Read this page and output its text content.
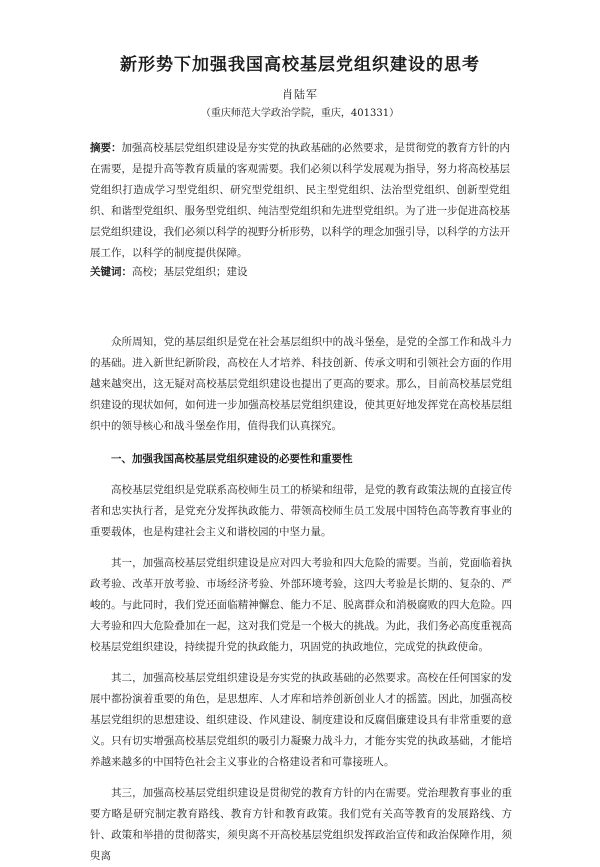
新形势下加强我国高校基层党组织建设的思考
肖陆军
（重庆师范大学政治学院，重庆，401331）
摘要：加强高校基层党组织建设是夯实党的执政基础的必然要求，是贯彻党的教育方针的内在需要，是提升高等教育质量的客观需要。我们必须以科学发展观为指导，努力将高校基层党组织打造成学习型党组织、研究型党组织、民主型党组织、法治型党组织、创新型党组织、和谐型党组织、服务型党组织、纯洁型党组织和先进型党组织。为了进一步促进高校基层党组织建设，我们必须以科学的视野分析形势，以科学的理念加强引导，以科学的方法开展工作，以科学的制度提供保障。
关键词：高校；基层党组织；建设

众所周知，党的基层组织是党在社会基层组织中的战斗堡垒，是党的全部工作和战斗力的基础。进入新世纪新阶段，高校在人才培养、科技创新、传承文明和引领社会方面的作用越来越突出，这无疑对高校基层党组织建设也提出了更高的要求。那么，目前高校基层党组织建设的现状如何，如何进一步加强高校基层党组织建设，使其更好地发挥党在高校基层组织中的领导核心和战斗堡垒作用，值得我们认真探究。

一、加强我国高校基层党组织建设的必要性和重要性

高校基层党组织是党联系高校师生员工的桥梁和纽带，是党的教育政策法规的直接宣传者和忠实执行者，是党充分发挥执政能力、带领高校师生员工发展中国特色高等教育事业的重要载体，也是构建社会主义和谐校园的中坚力量。

其一，加强高校基层党组织建设是应对四大考验和四大危险的需要。当前，党面临着执政考验、改革开放考验、市场经济考验、外部环境考验，这四大考验是长期的、复杂的、严峻的。与此同时，我们党还面临精神懈怠、能力不足、脱离群众和消极腐败的四大危险。四大考验和四大危险叠加在一起，这对我们党是一个极大的挑战。为此，我们务必高度重视高校基层党组织建设，持续提升党的执政能力，巩固党的执政地位，完成党的执政使命。

其二，加强高校基层党组织建设是夯实党的执政基础的必然要求。高校在任何国家的发展中都扮演着重要的角色，是思想库、人才库和培养创新创业人才的摇篮。因此，加强高校基层党组织的思想建设、组织建设、作风建设、制度建设和反腐倡廉建设具有非常重要的意义。只有切实增强高校基层党组织的吸引力凝聚力战斗力，才能夯实党的执政基础，才能培养越来越多的中国特色社会主义事业的合格建设者和可靠接班人。

其三，加强高校基层党组织建设是贯彻党的教育方针的内在需要。党治理教育事业的重要方略是研究制定教育路线、教育方针和教育政策。我们党有关高等教育的发展路线、方针、政策和举措的贯彻落实，须臾离不开高校基层党组织发挥政治宣传和政治保障作用，须臾离
